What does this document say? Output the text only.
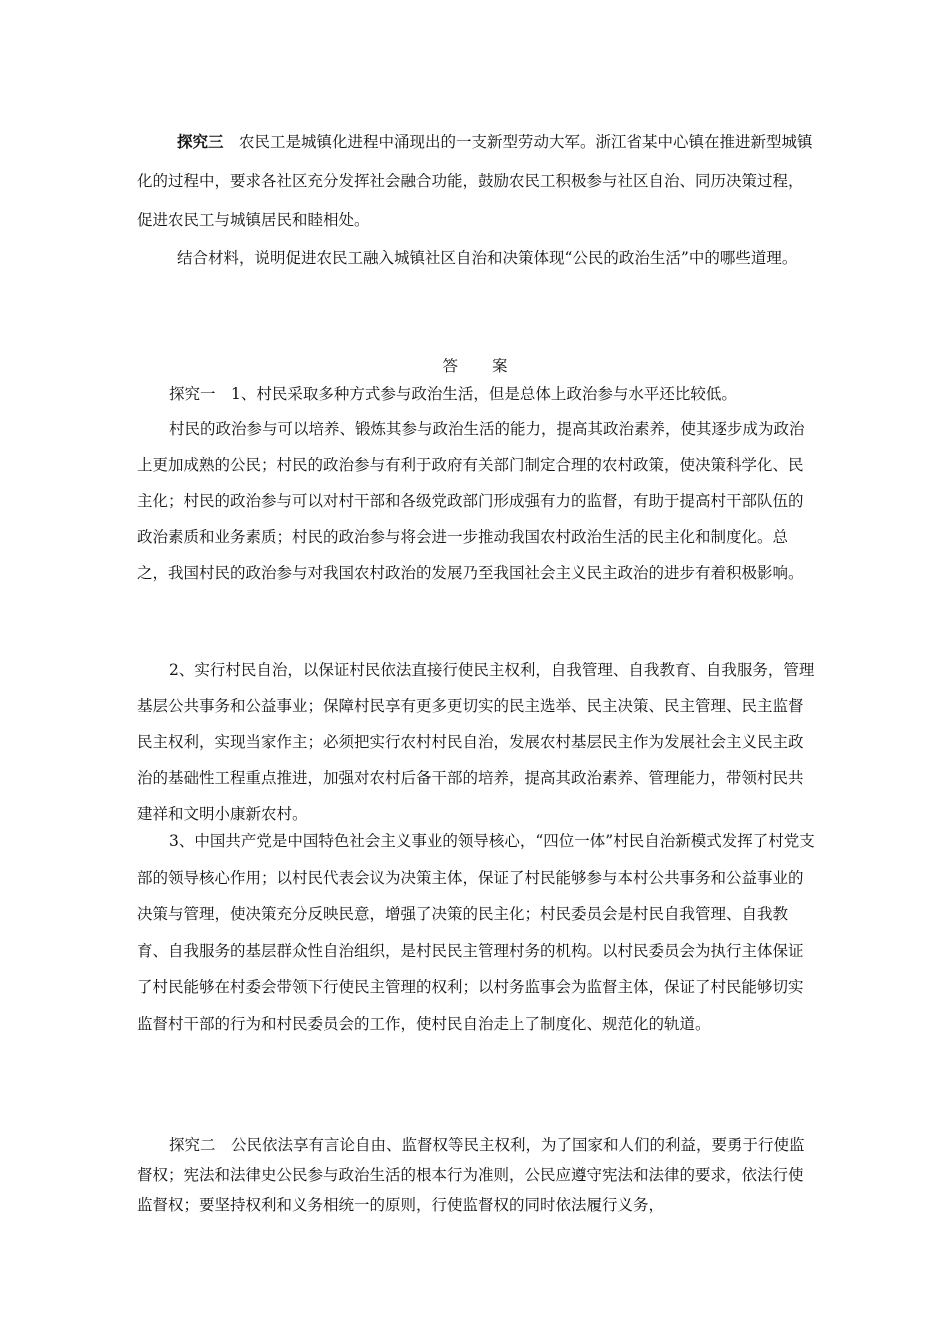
探究三　 农民工是城镇化进程中涌现出的一支新型劳动大军。浙江省某中心镇在推进新型城镇化的过程中，要求各社区充分发挥社会融合功能，鼓励农民工积极参与社区自治、同历决策过程，促进农民工与城镇居民和睦相处。

结合材料，说明促进农民工融入城镇社区自治和决策体现“公民的政治生活”中的哪些道理。

答案

探究一　1、村民采取多种方式参与政治生活，但是总体上政治参与水平还比较低。

村民的政治参与可以培养、锻炼其参与政治生活的能力，提高其政治素养，使其逐步成为政治上更加成熟的公民；村民的政治参与有利于政府有关部门制定合理的农村政策，使决策科学化、民主化；村民的政治参与可以对村干部和各级党政部门形成强有力的监督，有助于提高村干部队伍的政治素质和业务素质；村民的政治参与将会进一步推动我国农村政治生活的民主化和制度化。总之，我国村民的政治参与对我国农村政治的发展乃至我国社会主义民主政治的进步有着积极影响。

2、实行村民自治，以保证村民依法直接行使民主权利，自我管理、自我教育、自我服务，管理基层公共事务和公益事业；保障村民享有更多更切实的民主选举、民主决策、民主管理、民主监督民主权利，实现当家作主；必须把实行农村村民自治，发展农村基层民主作为发展社会主义民主政治的基础性工程重点推进，加强对农村后备干部的培养，提高其政治素养、管理能力，带领村民共建祥和文明小康新农村。

3、中国共产党是中国特色社会主义事业的领导核心，“四位一体”村民自治新模式发挥了村党支部的领导核心作用；以村民代表会议为决策主体，保证了村民能够参与本村公共事务和公益事业的决策与管理，使决策充分反映民意，增强了决策的民主化；村民委员会是村民自我管理、自我教育、自我服务的基层群众性自治组织，是村民民主管理村务的机构。以村民委员会为执行主体保证了村民能够在村委会带领下行使民主管理的权利；以村务监事会为监督主体，保证了村民能够切实监督村干部的行为和村民委员会的工作，使村民自治走上了制度化、规范化的轨道。

探究二　公民依法享有言论自由、监督权等民主权利，为了国家和人们的利益，要勇于行使监督权；宪法和法律史公民参与政治生活的根本行为准则，公民应遵守宪法和法律的要求，依法行使监督权；要坚持权利和义务相统一的原则，行使监督权的同时依法履行义务，
